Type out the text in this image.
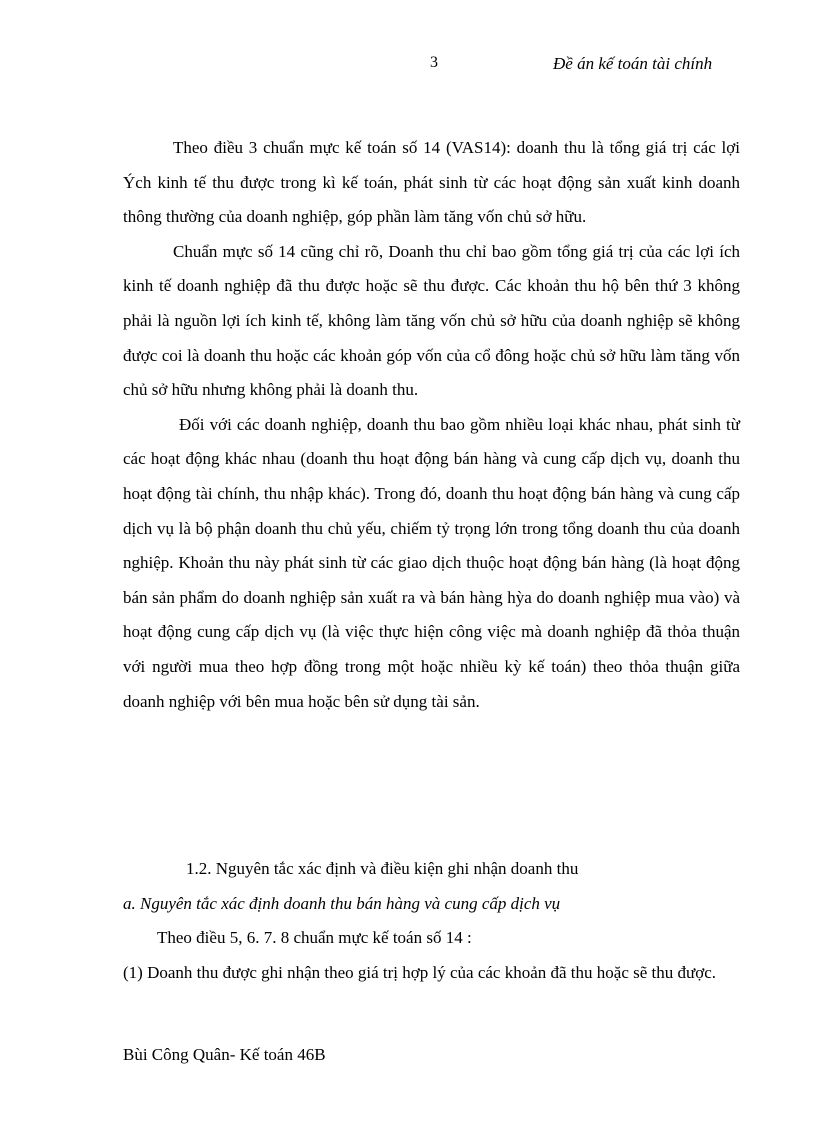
3	Đề án kế toán tài chính

Theo điều 3 chuẩn mực kế toán số 14 (VAS14): doanh thu là tổng giá trị các lợi Ých kinh tế thu được trong kì kế toán, phát sinh từ các hoạt động sản xuất kinh doanh thông thường của doanh nghiệp, góp phần làm tăng vốn chủ sở hữu.

Chuẩn mực số 14 cũng chỉ rõ, Doanh thu chỉ bao gồm tổng giá trị của các lợi ích kinh tế doanh nghiệp đã thu được hoặc sẽ thu được. Các khoản thu hộ bên thứ 3 không phải là nguồn lợi ích kinh tế, không làm tăng vốn chủ sở hữu của doanh nghiệp sẽ không được coi là doanh thu hoặc các khoản góp vốn của cổ đông hoặc chủ sở hữu làm tăng vốn chủ sở hữu nhưng không phải là doanh thu.

Đối với các doanh nghiệp, doanh thu bao gồm nhiều loại khác nhau, phát sinh từ các hoạt động khác nhau (doanh thu hoạt động bán hàng và cung cấp dịch vụ, doanh thu hoạt động tài chính, thu nhập khác). Trong đó, doanh thu hoạt động bán hàng và cung cấp dịch vụ là bộ phận doanh thu chủ yếu, chiếm tỷ trọng lớn trong tổng doanh thu của doanh nghiệp. Khoản thu này phát sinh từ các giao dịch thuộc hoạt động bán hàng (là hoạt động bán sản phẩm do doanh nghiệp sản xuất ra và bán hàng hỳa do doanh nghiệp mua vào) và hoạt động cung cấp dịch vụ (là việc thực hiện công việc mà doanh nghiệp đã thỏa thuận với người mua theo hợp đồng trong một hoặc nhiều kỳ kế toán) theo thỏa thuận giữa doanh nghiệp với bên mua hoặc bên sử dụng tài sản.

1.2. Nguyên tắc xác định và điều kiện ghi nhận doanh thu

a. Nguyên tắc xác định doanh thu bán hàng và cung cấp dịch vụ

Theo điều 5, 6. 7. 8 chuẩn mực kế toán số 14 :

(1) Doanh thu được ghi nhận theo giá trị hợp lý của các khoản đã thu hoặc sẽ thu được.

Bùi Công Quân- Kế toán 46B
